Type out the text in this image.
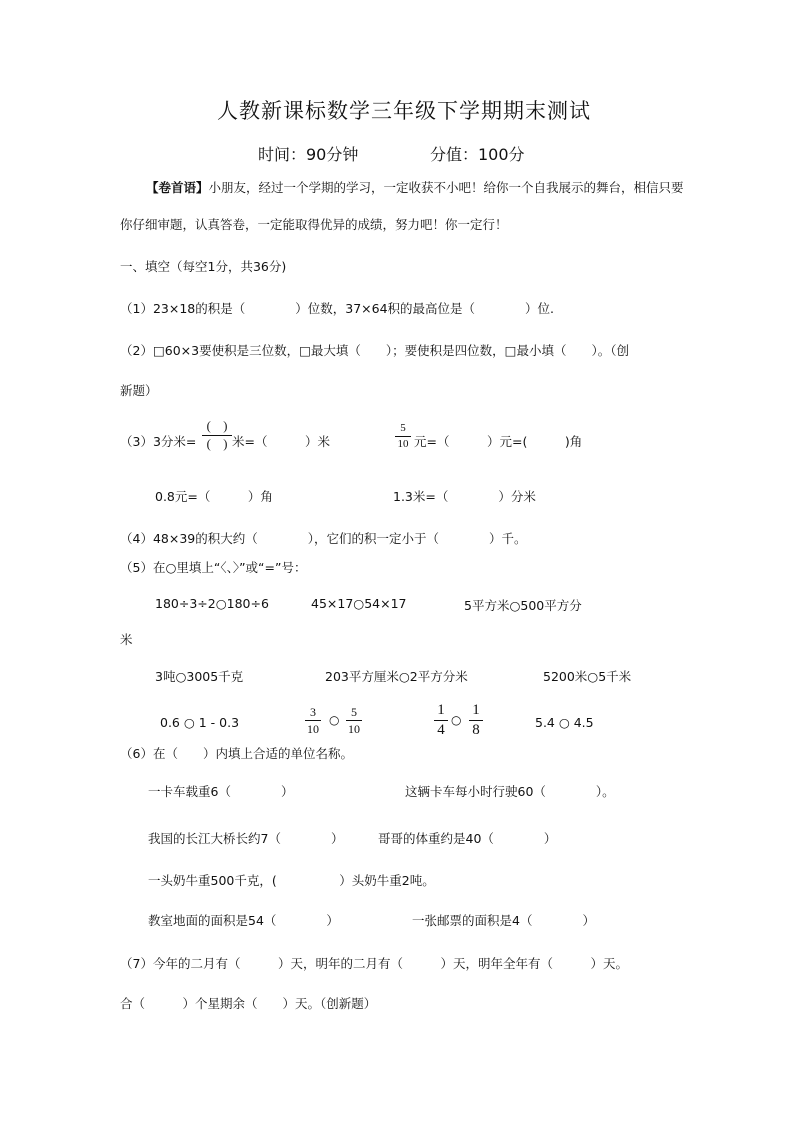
人教新课标数学三年级下学期期末测试
时间：90分钟	分值：100分
【卷首语】小朋友，经过一个学期的学习，一定收获不小吧！给你一个自我展示的舞台，相信只要
你仔细审题，认真答卷，一定能取得优异的成绩，努力吧！你一定行！
一、填空（每空1分，共36分)
（1）23×18的积是（　　　　）位数，37×64积的最高位是（　　　　）位.
（2）□60×3要使积是三位数，□最大填（　　）；要使积是四位数，□最小填（　　）。（创
新题）
（3）3分米=
(　)
(　) 米=（　　　）米
5
10 元=（　　　）元=(　　　)角
0.8元=（　　　）角	1.3米=（　　　　）分米
（4）48×39的积大约（　　　　），它们的积一定小于（　　　　）千。
（5）在○里填上“〈、〉”或“=”号：
180÷3÷2○180÷6	45×17○54×17	5平方米○500平方分
米
3吨○3005千克	203平方厘米○2平方分米	5200米○5千米
0.6 ○ 1 - 0.3
3
10
○
5
10
1
4
○
1
8	5.4 ○ 4.5
（6）在（　　）内填上合适的单位名称。
一卡车载重6（　　　　）	这辆卡车每小时行驶60（　　　　）。
我国的长江大桥长约7（　　　　）	哥哥的体重约是40（　　　　）
一头奶牛重500千克，(　　　　　）头奶牛重2吨。
教室地面的面积是54（　　　　）	一张邮票的面积是4（　　　　）
（7）今年的二月有（　　　）天，明年的二月有（　　　）天，明年全年有（　　　）天。
合（　　　）个星期余（　　）天。（创新题）
